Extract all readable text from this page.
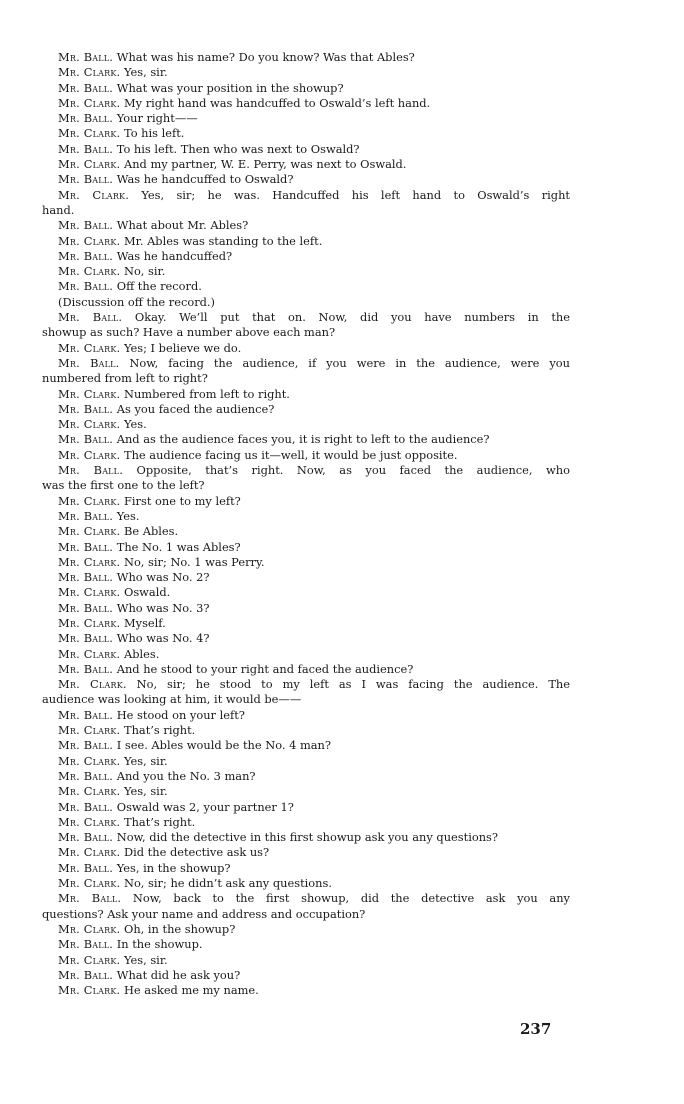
Mr. Ball. What was his name? Do you know? Was that Ables?
Mr. Clark. Yes, sir.
Mr. Ball. What was your position in the showup?
Mr. Clark. My right hand was handcuffed to Oswald’s left hand.
Mr. Ball. Your right——
Mr. Clark. To his left.
Mr. Ball. To his left. Then who was next to Oswald?
Mr. Clark. And my partner, W. E. Perry, was next to Oswald.
Mr. Ball. Was he handcuffed to Oswald?
Mr. Clark. Yes, sir; he was. Handcuffed his left hand to Oswald’s right
hand.
Mr. Ball. What about Mr. Ables?
Mr. Clark. Mr. Ables was standing to the left.
Mr. Ball. Was he handcuffed?
Mr. Clark. No, sir.
Mr. Ball. Off the record.
(Discussion off the record.)
Mr. Ball. Okay. We’ll put that on. Now, did you have numbers in the
showup as such? Have a number above each man?
Mr. Clark. Yes; I believe we do.
Mr. Ball. Now, facing the audience, if you were in the audience, were you
numbered from left to right?
Mr. Clark. Numbered from left to right.
Mr. Ball. As you faced the audience?
Mr. Clark. Yes.
Mr. Ball. And as the audience faces you, it is right to left to the audience?
Mr. Clark. The audience facing us it—well, it would be just opposite.
Mr. Ball. Opposite, that’s right. Now, as you faced the audience, who
was the first one to the left?
Mr. Clark. First one to my left?
Mr. Ball. Yes.
Mr. Clark. Be Ables.
Mr. Ball. The No. 1 was Ables?
Mr. Clark. No, sir; No. 1 was Perry.
Mr. Ball. Who was No. 2?
Mr. Clark. Oswald.
Mr. Ball. Who was No. 3?
Mr. Clark. Myself.
Mr. Ball. Who was No. 4?
Mr. Clark. Ables.
Mr. Ball. And he stood to your right and faced the audience?
Mr. Clark. No, sir; he stood to my left as I was facing the audience. The
audience was looking at him, it would be——
Mr. Ball. He stood on your left?
Mr. Clark. That’s right.
Mr. Ball. I see. Ables would be the No. 4 man?
Mr. Clark. Yes, sir.
Mr. Ball. And you the No. 3 man?
Mr. Clark. Yes, sir.
Mr. Ball. Oswald was 2, your partner 1?
Mr. Clark. That’s right.
Mr. Ball. Now, did the detective in this first showup ask you any questions?
Mr. Clark. Did the detective ask us?
Mr. Ball. Yes, in the showup?
Mr. Clark. No, sir; he didn’t ask any questions.
Mr. Ball. Now, back to the first showup, did the detective ask you any
questions? Ask your name and address and occupation?
Mr. Clark. Oh, in the showup?
Mr. Ball. In the showup.
Mr. Clark. Yes, sir.
Mr. Ball. What did he ask you?
Mr. Clark. He asked me my name.
237
